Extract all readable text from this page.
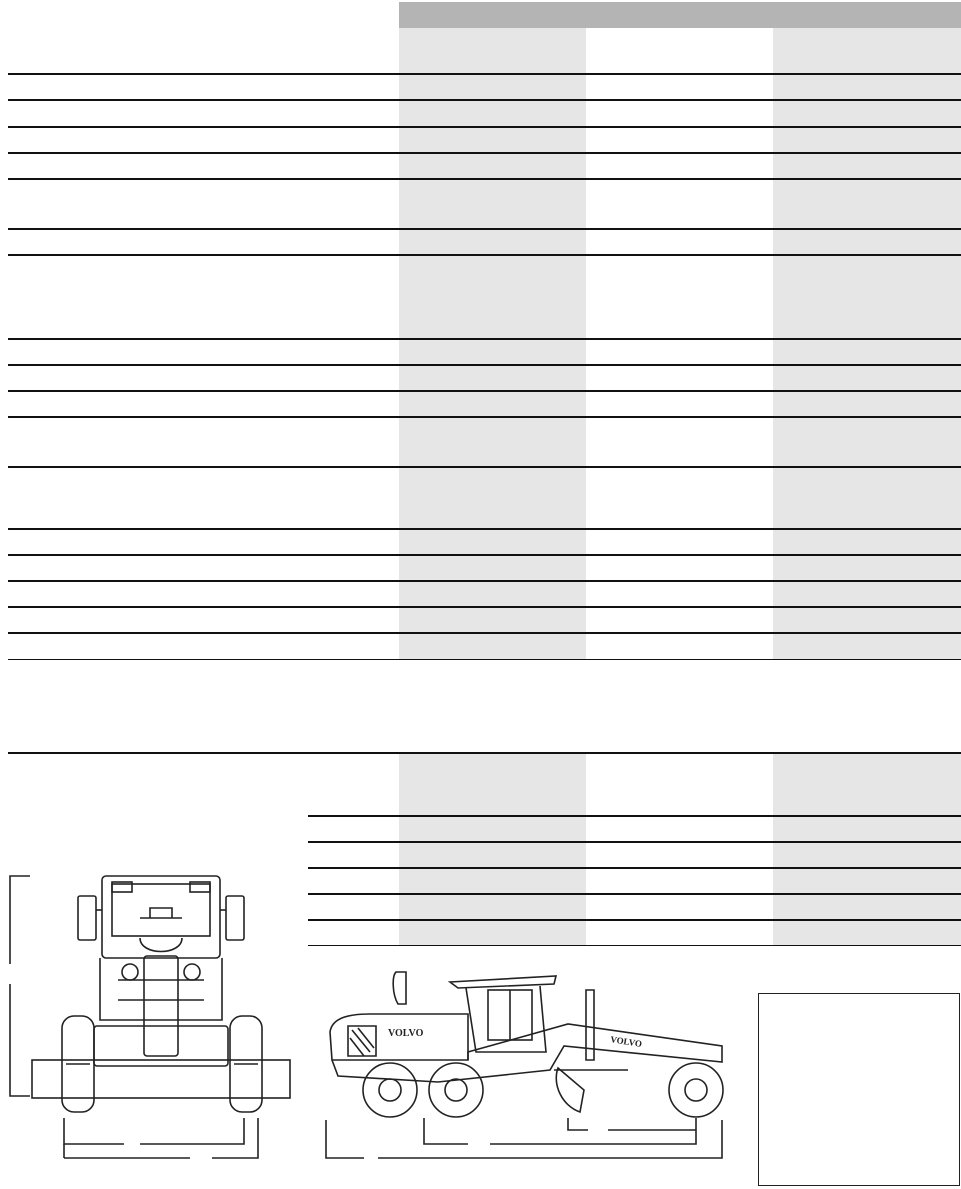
VOLVO
VOLVO
